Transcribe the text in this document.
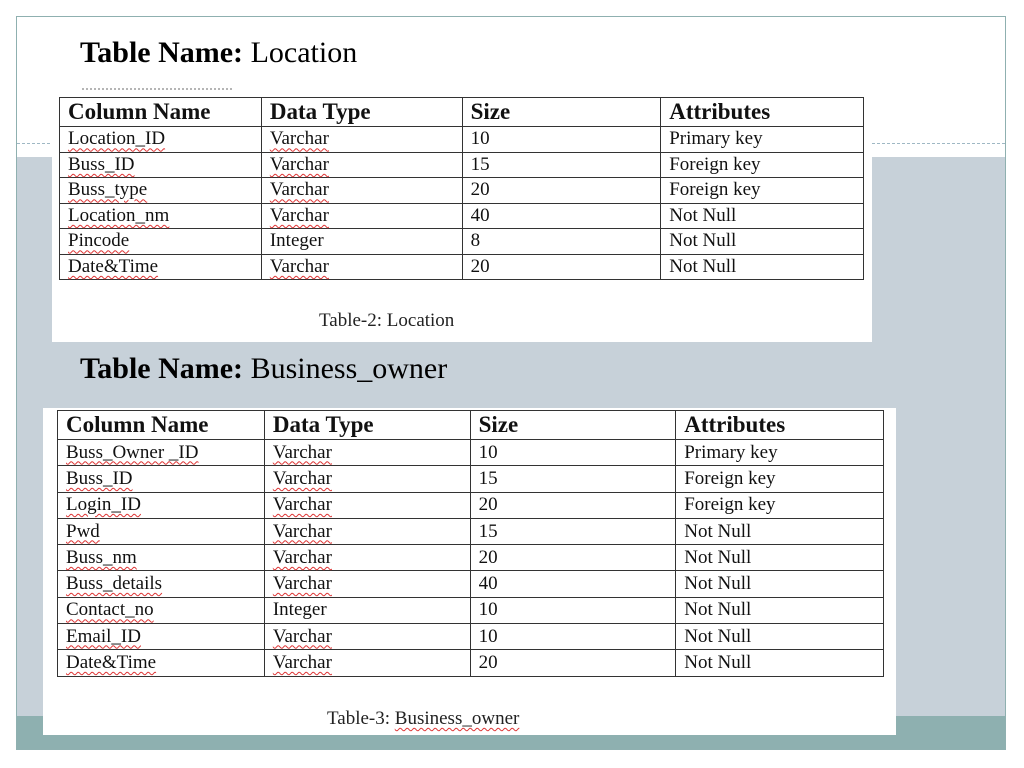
Table Name: Location
Column Name	Data Type	Size	Attributes
Location_ID	Varchar	10	Primary key
Buss_ID	Varchar	15	Foreign key
Buss_type	Varchar	20	Foreign key
Location_nm	Varchar	40	Not Null
Pincode	Integer	8	Not Null
Date&Time	Varchar	20	Not Null
Table-2: Location
Table Name: Business_owner
Column Name	Data Type	Size	Attributes
Buss_Owner _ID	Varchar	10	Primary key
Buss_ID	Varchar	15	Foreign key
Login_ID	Varchar	20	Foreign key
Pwd	Varchar	15	Not Null
Buss_nm	Varchar	20	Not Null
Buss_details	Varchar	40	Not Null
Contact_no	Integer	10	Not Null
Email_ID	Varchar	10	Not Null
Date&Time	Varchar	20	Not Null
Table-3: Business_owner
